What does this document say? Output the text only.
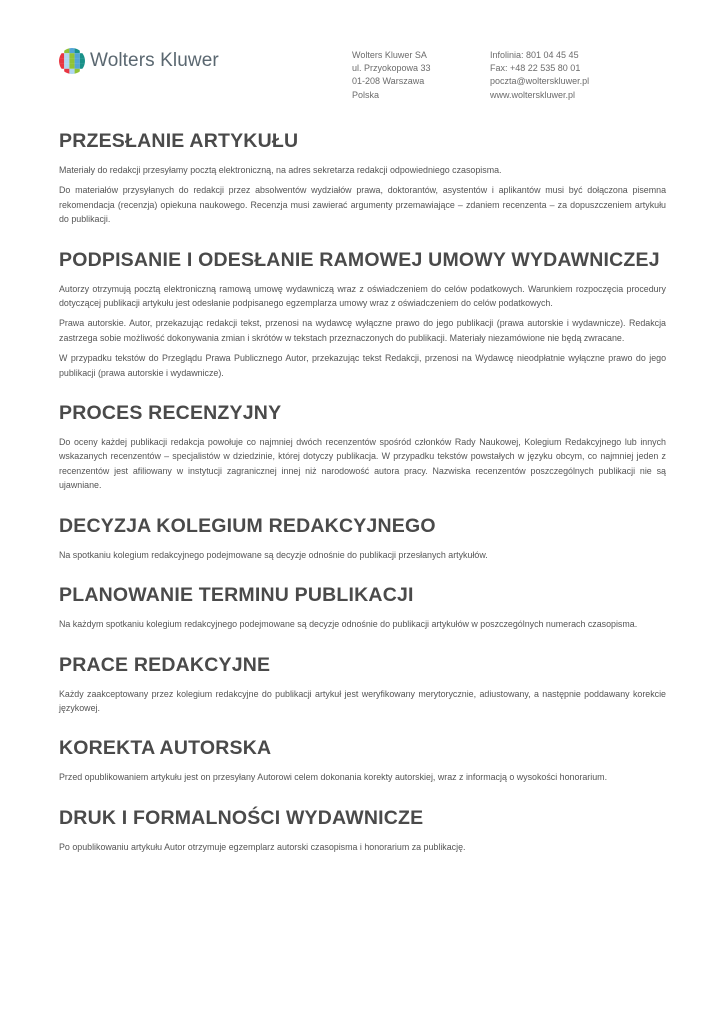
Wolters Kluwer	Wolters Kluwer SA
ul. Przyokopowa 33
01-208 Warszawa
Polska
Infolinia: 801 04 45 45
Fax: +48 22 535 80 01
poczta@wolterskluwer.pl
www.wolterskluwer.pl
PRZESŁANIE ARTYKUŁU

Materiały do redakcji przesyłamy pocztą elektroniczną, na adres sekretarza redakcji odpowiedniego czasopisma.

Do materiałów przysyłanych do redakcji przez absolwentów wydziałów prawa, doktorantów, asystentów i aplikantów musi być dołączona pisemna rekomendacja (recenzja) opiekuna naukowego. Recenzja musi zawierać argumenty przemawiające – zdaniem recenzenta – za dopuszczeniem artykułu do publikacji.

PODPISANIE I ODESŁANIE RAMOWEJ UMOWY WYDAWNICZEJ

Autorzy otrzymują pocztą elektroniczną ramową umowę wydawniczą wraz z oświadczeniem do celów podatkowych. Warunkiem rozpoczęcia procedury dotyczącej publikacji artykułu jest odesłanie podpisanego egzemplarza umowy wraz z oświadczeniem do celów podatkowych.

Prawa autorskie. Autor, przekazując redakcji tekst, przenosi na wydawcę wyłączne prawo do jego publikacji (prawa autorskie i wydawnicze). Redakcja zastrzega sobie możliwość dokonywania zmian i skrótów w tekstach przeznaczonych do publikacji. Materiały niezamówione nie będą zwracane.

W przypadku tekstów do Przeglądu Prawa Publicznego Autor, przekazując tekst Redakcji, przenosi na Wydawcę nieodpłatnie wyłączne prawo do jego publikacji (prawa autorskie i wydawnicze).

PROCES RECENZYJNY

Do oceny każdej publikacji redakcja powołuje co najmniej dwóch recenzentów spośród członków Rady Naukowej, Kolegium Redakcyjnego lub innych wskazanych recenzentów – specjalistów w dziedzinie, której dotyczy publikacja. W przypadku tekstów powstałych w języku obcym, co najmniej jeden z recenzentów jest afiliowany w instytucji zagranicznej innej niż narodowość autora pracy. Nazwiska recenzentów poszczególnych publikacji nie są ujawniane.

DECYZJA KOLEGIUM REDAKCYJNEGO

Na spotkaniu kolegium redakcyjnego podejmowane są decyzje odnośnie do publikacji przesłanych artykułów.

PLANOWANIE TERMINU PUBLIKACJI

Na każdym spotkaniu kolegium redakcyjnego podejmowane są decyzje odnośnie do publikacji artykułów w poszczególnych numerach czasopisma.

PRACE REDAKCYJNE

Każdy zaakceptowany przez kolegium redakcyjne do publikacji artykuł jest weryfikowany merytorycznie, adiustowany, a następnie poddawany korekcie językowej.

KOREKTA AUTORSKA

Przed opublikowaniem artykułu jest on przesyłany Autorowi celem dokonania korekty autorskiej, wraz z informacją o wysokości honorarium.

DRUK I FORMALNOŚCI WYDAWNICZE

Po opublikowaniu artykułu Autor otrzymuje egzemplarz autorski czasopisma i honorarium za publikację.
